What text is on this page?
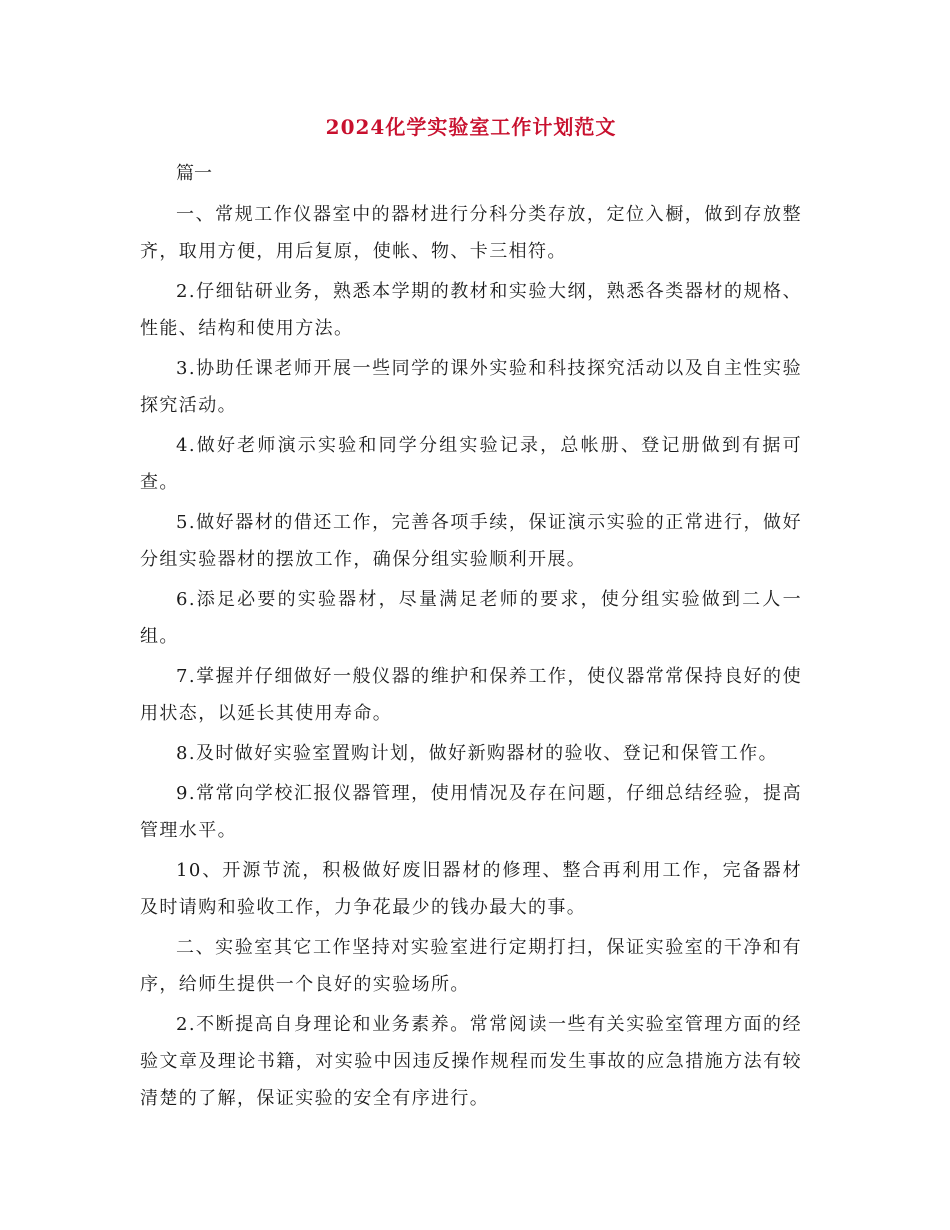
2024化学实验室工作计划范文

篇一

一、常规工作仪器室中的器材进行分科分类存放，定位入橱，做到存放整齐，取用方便，用后复原，使帐、物、卡三相符。

2.仔细钻研业务，熟悉本学期的教材和实验大纲，熟悉各类器材的规格、性能、结构和使用方法。

3.协助任课老师开展一些同学的课外实验和科技探究活动以及自主性实验探究活动。

4.做好老师演示实验和同学分组实验记录，总帐册、登记册做到有据可查。

5.做好器材的借还工作，完善各项手续，保证演示实验的正常进行，做好分组实验器材的摆放工作，确保分组实验顺利开展。

6.添足必要的实验器材，尽量满足老师的要求，使分组实验做到二人一组。

7.掌握并仔细做好一般仪器的维护和保养工作，使仪器常常保持良好的使用状态，以延长其使用寿命。

8.及时做好实验室置购计划，做好新购器材的验收、登记和保管工作。

9.常常向学校汇报仪器管理，使用情况及存在问题，仔细总结经验，提高管理水平。

10、开源节流，积极做好废旧器材的修理、整合再利用工作，完备器材及时请购和验收工作，力争花最少的钱办最大的事。

二、实验室其它工作坚持对实验室进行定期打扫，保证实验室的干净和有序，给师生提供一个良好的实验场所。

2.不断提高自身理论和业务素养。常常阅读一些有关实验室管理方面的经验文章及理论书籍，对实验中因违反操作规程而发生事故的应急措施方法有较清楚的了解，保证实验的安全有序进行。
